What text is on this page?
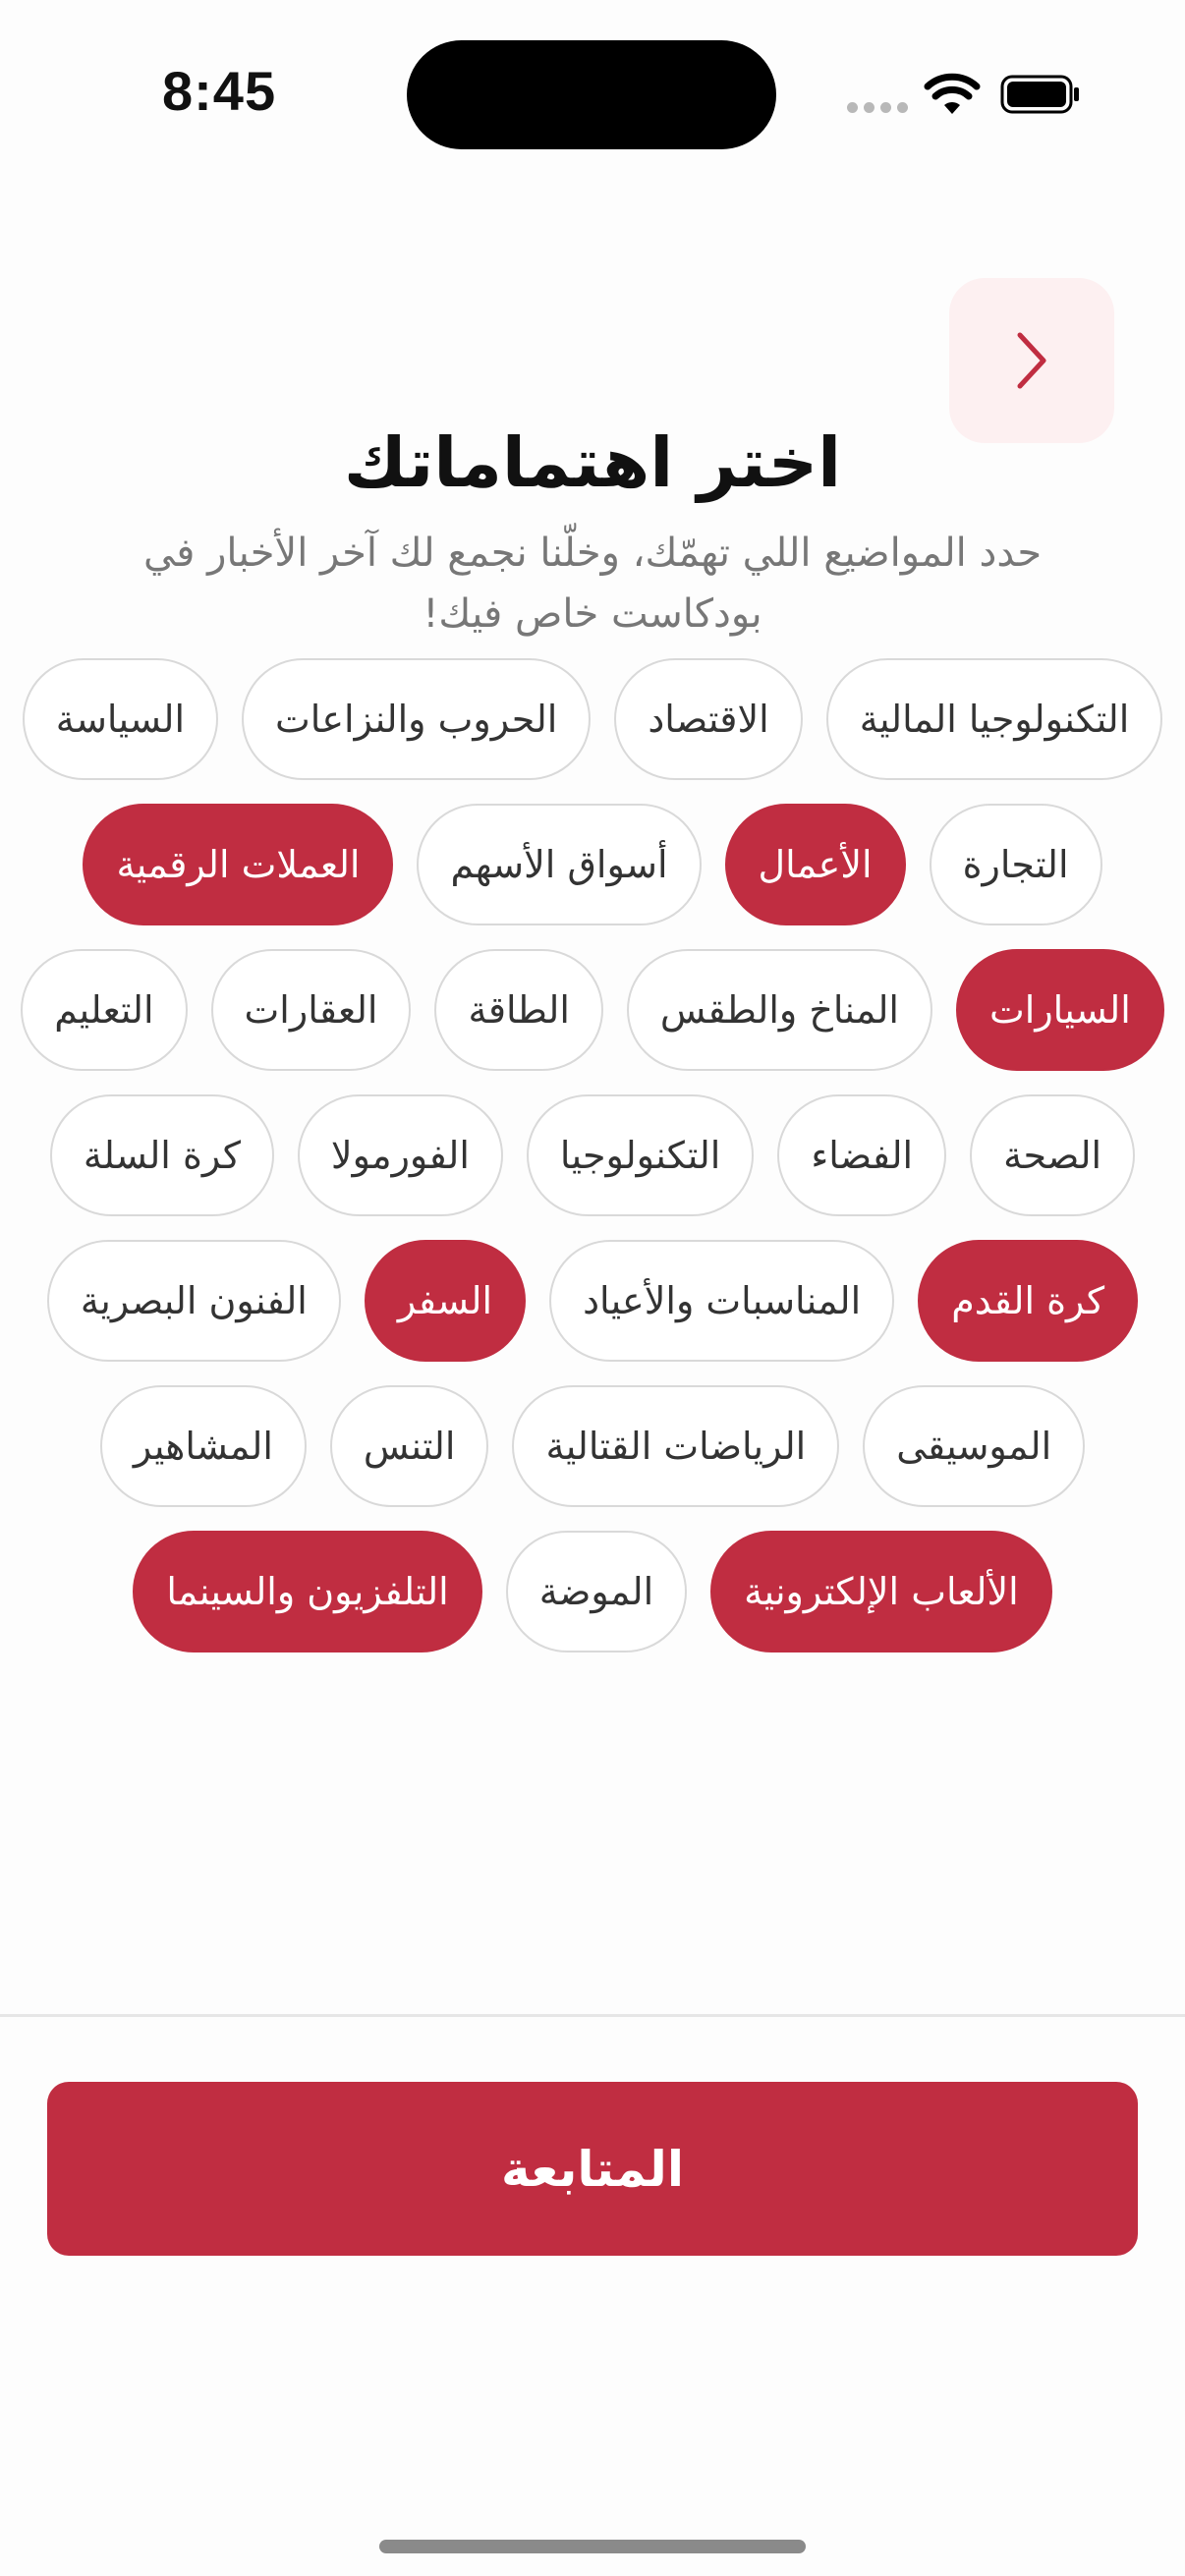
8:45
اختر اهتماماتك
حدد المواضيع اللي تهمّك، وخلّنا نجمع لك آخر الأخبار في بودكاست خاص فيك!
التكنولوجيا المالية
الاقتصاد
الحروب والنزاعات
السياسة
التجارة
الأعمال
أسواق الأسهم
العملات الرقمية
السيارات
المناخ والطقس
الطاقة
العقارات
التعليم
الصحة
الفضاء
التكنولوجيا
الفورمولا
كرة السلة
كرة القدم
المناسبات والأعياد
السفر
الفنون البصرية
الموسيقى
الرياضات القتالية
التنس
المشاهير
الألعاب الإلكترونية
الموضة
التلفزيون والسينما
المتابعة
